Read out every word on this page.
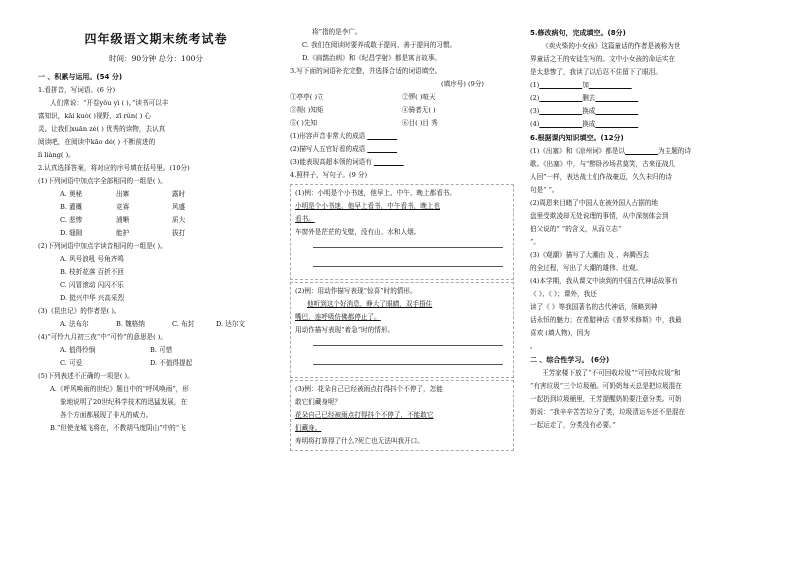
四年级语文期末统考试卷

时间：90分钟 总分：100分

一 、积累与运用。(54 分)

1.看拼音，写词语。(6 分)

人们常说：“开卷yǒu yì ( )。”读书可以丰

富知识，kāi kuò( )视野，zī rùn( ) 心

灵。让我们xuān zé( ) 优秀的读物，去认真

阅读吧，在阅读中kāo dé( ) 不断前进的

lì liàng( )。

2.认真选择答案，将对应的序号填在括号里。(10分)

(1)下列词语中加点字全部相同的一组是( )。

A. 奥秘	出寨	露时

B. 灌概	竞赛	风盛

C. 悲惨	浦晰	质大

D. 缝隙	能护	拔打

(2)下列词语中加点字读音相同的一组是( )。

A. 风号浪吼 号角齐鸣

B. 枝折花落 百折不回

C. 闪冒滚动 闪闪不乐

D. 挺兴中华 兴高采烈

(3)《昆虫记》的作者是( )。

A. 法布尔	B. 魏格纳	C. 布封	D. 达尔文

(4)“可怜九月初三夜”中“可怜”的意思是( )。

A. 值得怜悯	B. 可惜

C. 可爱	D. 不值得提起

(5)下列表述不正确的一项是( )。

A.《呼风唤雨的世纪》题目中的“呼风唤雨”，形

象地说明了20世纪科学技术的迅猛发展，在

各个方面都展现了非凡的威力。

B.“但使龙城飞将在，不教胡马度阴山”中的“飞

将”指的是李广。

C. 我们在阅读时要养成敢于提问、善于提问的习惯。

D.《扁鹊治病》和《纪昌学射》都是寓言故事。

3.写下面的词语补充完整，并选择合适的词语填空。

(填序号) (9分)

①亭亭( )立	②锣( )喧天

③规( )知矩	④骑者无( )

⑤( )先知	⑥目( )目 秀

(1)形容声音非常大的成语 _________

(2)描写人五官好看的成语 _________

(3)能表现高超本领的词语有 _________

4.照样子，写句子。(9 分)

(1)例：小明是个小书迷，他早上、中午、晚上都看书。

小明是个小书迷，他早上看书，中午看书，晚上也

看书。

车窗外是茫茫的戈壁，没有山、水和人烟。

(2)例：用动作描写表现“惊喜”时的情形。

他听到这个好消息，睁大了眼睛，双手捂住

嘴巴，连呼吸仿佛都停止了。

用动作描写表现“着急”时的情形。

(3)例：花朵自己已经被雨点打得抖个不停了，怎能

敢它们藏身呢？

花朵自己已经被雨点打得抖个不停了，不能敢它

们藏身。

寿明将打算得了什么?死亡也无法叫我开口。

5.修改病句，完成填空。(8分)

《卖火柴的小女孩》这篇童话的作者是被称为世

界童话之王的安徒生写的。文中小女孩的命运实在

是太悲惨了，我读了以后忍不住留下了眼泪。

(1)_____________加_____________

(2)_____________删去_____________

(3)_____________换成_____________

(4)_____________换成_____________

6.根据课内知识填空。(12分)

(1)《出塞》和《凉州词》都是以__________为主题的诗

歌。《出塞》中，与“醉卧沙场君莫笑，古来征战几

人回”一样，表达战士们作战豪迈，久久未归的诗

句是“ ”。

(2)周恩来目睹了中国人在被外国人占据的地

盘里受欺凌却无处说理的事情，从中深刻体会到

伯父说的“ ”的含义，从而立志“

”。

(3)《观潮》描写了大潮由 及 、奔腾西去

的全过程，写出了大潮的雄伟、壮观。

(4)本学期，我从课文中读到的中国古代神话故事有

《 》、《 》；课外，我还

读了《 》等我国著名的古代神话，领略到神

话永恒的魅力；在希腊神话《普罗米修斯》中，我最

喜欢 (填人物)，因为

。

二 、综合性学习。 (6分)

王芳家楼下放了“不可回收垃圾”“可回收垃圾”和

“有害垃圾”三个垃圾桶。可奶奶每天总是把垃圾混在

一起扔到垃圾桶里，王芳提醒奶奶要注意分类。可奶

奶说：“我辛辛苦苦垃分了类，垃圾清运车还不是混在

一起运走了，分类没有必要。”
